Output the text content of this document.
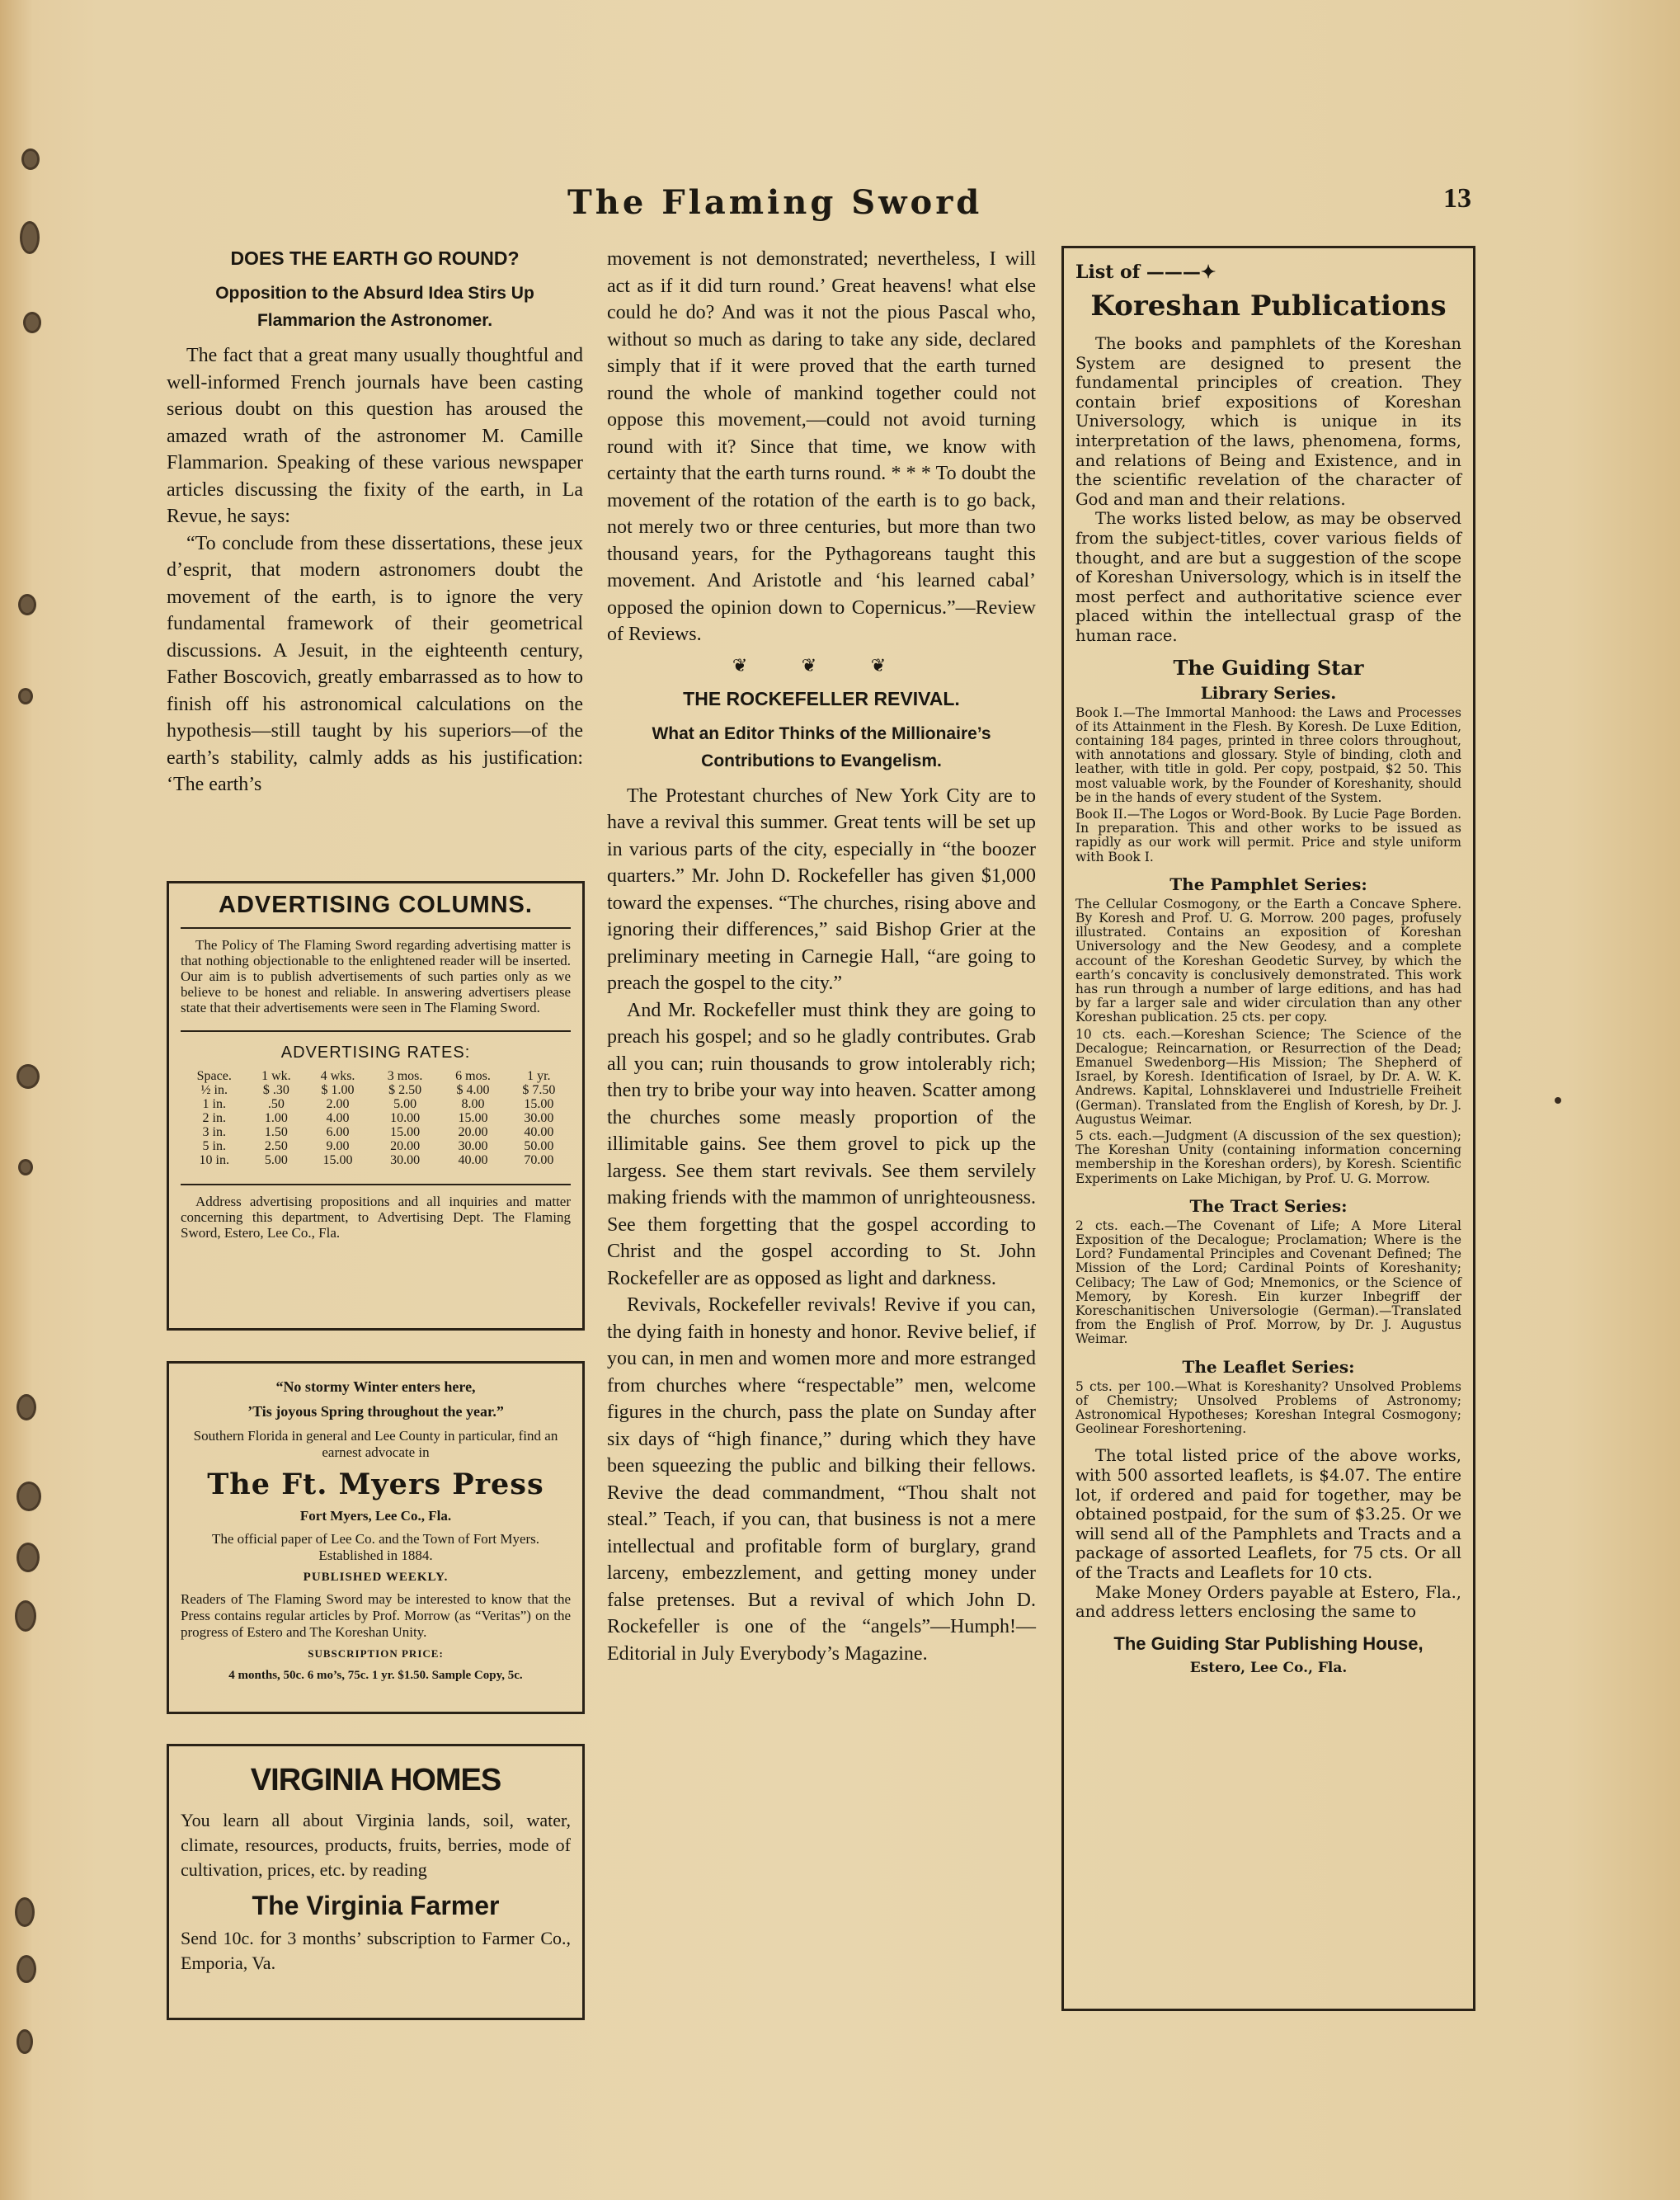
The Flaming Sword	13
DOES THE EARTH GO ROUND?
Opposition to the Absurd Idea Stirs Up Flammarion the Astronomer.

The fact that a great many usually thoughtful and well-informed French journals have been casting serious doubt on this question has aroused the amazed wrath of the astronomer M. Camille Flammarion. Speaking of these various newspaper articles discussing the fixity of the earth, in La Revue, he says:

“To conclude from these dissertations, these jeux d’esprit, that modern astronomers doubt the movement of the earth, is to ignore the very fundamental framework of their geometrical discussions. A Jesuit, in the eighteenth century, Father Boscovich, greatly embarrassed as to how to finish off his astronomical calculations on the hypothesis—still taught by his superiors—of the earth’s stability, calmly adds as his justification: ‘The earth’s

ADVERTISING COLUMNS.

The Policy of The Flaming Sword regarding advertising matter is that nothing objectionable to the enlightened reader will be inserted. Our aim is to publish advertisements of such parties only as we believe to be honest and reliable. In answering advertisers please state that their advertisements were seen in The Flaming Sword.

ADVERTISING RATES:
Space.	1 wk.	4 wks.	3 mos.	6 mos.	1 yr.
½ in.	$ .30	$ 1.00	$ 2.50	$ 4.00	$ 7.50
1 in.	.50	2.00	5.00	8.00	15.00
2 in.	1.00	4.00	10.00	15.00	30.00
3 in.	1.50	6.00	15.00	20.00	40.00
5 in.	2.50	9.00	20.00	30.00	50.00
10 in.	5.00	15.00	30.00	40.00	70.00

Address advertising propositions and all inquiries and matter concerning this department, to Advertising Dept. The Flaming Sword, Estero, Lee Co., Fla.

“No stormy Winter enters here,
’Tis joyous Spring throughout the year.”
Southern Florida in general and Lee County in particular, find an earnest advocate in
The Ft. Myers Press
Fort Myers, Lee Co., Fla.
The official paper of Lee Co. and the Town of Fort Myers. Established in 1884.
PUBLISHED WEEKLY.
Readers of The Flaming Sword may be interested to know that the Press contains regular articles by Prof. Morrow (as “Veritas”) on the progress of Estero and The Koreshan Unity.
SUBSCRIPTION PRICE:
4 months, 50c. 6 mo’s, 75c. 1 yr. $1.50. Sample Copy, 5c.
VIRGINIA HOMES

You learn all about Virginia lands, soil, water, climate, resources, products, fruits, berries, mode of cultivation, prices, etc. by reading

The Virginia Farmer

Send 10c. for 3 months’ subscription to Farmer Co., Emporia, Va.

movement is not demonstrated; nevertheless, I will act as if it did turn round.’ Great heavens! what else could he do? And was it not the pious Pascal who, without so much as daring to take any side, declared simply that if it were proved that the earth turned round the whole of mankind together could not oppose this movement,—could not avoid turning round with it? Since that time, we know with certainty that the earth turns round. * * * To doubt the movement of the rotation of the earth is to go back, not merely two or three centuries, but more than two thousand years, for the Pythagoreans taught this movement. And Aristotle and ‘his learned cabal’ opposed the opinion down to Copernicus.”—Review of Reviews.

❦ ❦ ❦
THE ROCKEFELLER REVIVAL.
What an Editor Thinks of the Millionaire’s Contributions to Evangelism.

The Protestant churches of New York City are to have a revival this summer. Great tents will be set up in various parts of the city, especially in “the boozer quarters.” Mr. John D. Rockefeller has given $1,000 toward the expenses. “The churches, rising above and ignoring their differences,” said Bishop Grier at the preliminary meeting in Carnegie Hall, “are going to preach the gospel to the city.”

And Mr. Rockefeller must think they are going to preach his gospel; and so he gladly contributes. Grab all you can; ruin thousands to grow intolerably rich; then try to bribe your way into heaven. Scatter among the churches some measly proportion of the illimitable gains. See them grovel to pick up the largess. See them start revivals. See them servilely making friends with the mammon of unrighteousness. See them forgetting that the gospel according to Christ and the gospel according to St. John Rockefeller are as opposed as light and darkness.

Revivals, Rockefeller revivals! Revive if you can, the dying faith in honesty and honor. Revive belief, if you can, in men and women more and more estranged from churches where “respectable” men, welcome figures in the church, pass the plate on Sunday after six days of “high finance,” during which they have been squeezing the public and bilking their fellows. Revive the dead commandment, “Thou shalt not steal.” Teach, if you can, that business is not a mere intellectual and profitable form of burglary, grand larceny, embezzlement, and getting money under false pretenses. But a revival of which John D. Rockefeller is one of the “angels”—Humph!—Editorial in July Everybody’s Magazine.

List of ———✦
Koreshan Publications

The books and pamphlets of the Koreshan System are designed to present the fundamental principles of creation. They contain brief expositions of Koreshan Universology, which is unique in its interpretation of the laws, phenomena, forms, and relations of Being and Existence, and in the scientific revelation of the character of God and man and their relations.

The works listed below, as may be observed from the subject-titles, cover various fields of thought, and are but a suggestion of the scope of Koreshan Universology, which is in itself the most perfect and authoritative science ever placed within the intellectual grasp of the human race.

The Guiding Star
Library Series.

Book I.—The Immortal Manhood: the Laws and Processes of its Attainment in the Flesh. By Koresh. De Luxe Edition, containing 184 pages, printed in three colors throughout, with annotations and glossary. Style of binding, cloth and leather, with title in gold. Per copy, postpaid, $2 50. This most valuable work, by the Founder of Koreshanity, should be in the hands of every student of the System.

Book II.—The Logos or Word-Book. By Lucie Page Borden. In preparation. This and other works to be issued as rapidly as our work will permit. Price and style uniform with Book I.

The Pamphlet Series:

The Cellular Cosmogony, or the Earth a Concave Sphere. By Koresh and Prof. U. G. Morrow. 200 pages, profusely illustrated. Contains an exposition of Koreshan Universology and the New Geodesy, and a complete account of the Koreshan Geodetic Survey, by which the earth’s concavity is conclusively demonstrated. This work has run through a number of large editions, and has had by far a larger sale and wider circulation than any other Koreshan publication. 25 cts. per copy.

10 cts. each.—Koreshan Science; The Science of the Decalogue; Reincarnation, or Resurrection of the Dead; Emanuel Swedenborg—His Mission; The Shepherd of Israel, by Koresh. Identification of Israel, by Dr. A. W. K. Andrews. Kapital, Lohnsklaverei und Industrielle Freiheit (German). Translated from the English of Koresh, by Dr. J. Augustus Weimar.

5 cts. each.—Judgment (A discussion of the sex question); The Koreshan Unity (containing information concerning membership in the Koreshan orders), by Koresh. Scientific Experiments on Lake Michigan, by Prof. U. G. Morrow.

The Tract Series:

2 cts. each.—The Covenant of Life; A More Literal Exposition of the Decalogue; Proclamation; Where is the Lord? Fundamental Principles and Covenant Defined; The Mission of the Lord; Cardinal Points of Koreshanity; Celibacy; The Law of God; Mnemonics, or the Science of Memory, by Koresh. Ein kurzer Inbegriff der Koreschanitischen Universologie (German).—Translated from the English of Prof. Morrow, by Dr. J. Augustus Weimar.

The Leaflet Series:

5 cts. per 100.—What is Koreshanity? Unsolved Problems of Chemistry; Unsolved Problems of Astronomy; Astronomical Hypotheses; Koreshan Integral Cosmogony; Geolinear Foreshortening.

The total listed price of the above works, with 500 assorted leaflets, is $4.07. The entire lot, if ordered and paid for together, may be obtained postpaid, for the sum of $3.25. Or we will send all of the Pamphlets and Tracts and a package of assorted Leaflets, for 75 cts. Or all of the Tracts and Leaflets for 10 cts.

Make Money Orders payable at Estero, Fla., and address letters enclosing the same to

The Guiding Star Publishing House,
Estero, Lee Co., Fla.
